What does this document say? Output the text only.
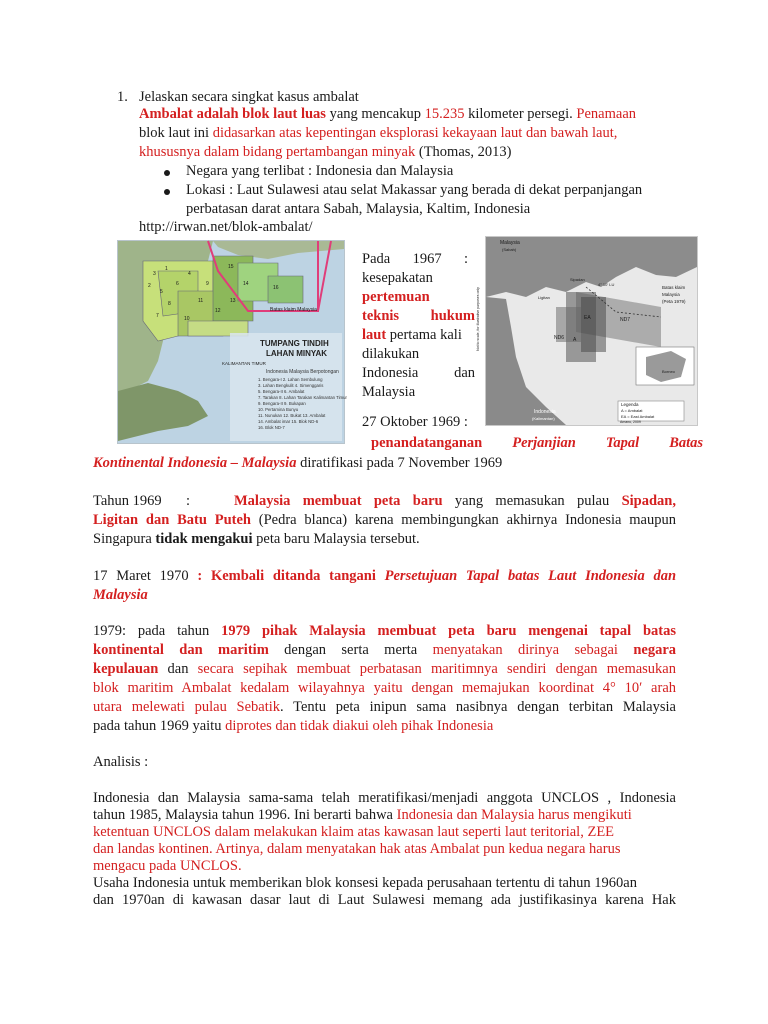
1. Jelaskan secara singkat kasus ambalat
Ambalat adalah blok laut luas yang mencakup 15.235 kilometer persegi. Penamaan
blok laut ini didasarkan atas kepentingan eksplorasi kekayaan laut dan bawah laut,
khususnya dalam bidang pertambangan minyak (Thomas, 2013)
Negara yang terlibat : Indonesia dan Malaysia
Lokasi : Laut Sulawesi atau selat Makassar yang berada di dekat perpanjangan
perbatasan darat antara Sabah, Malaysia, Kaltim, Indonesia
http://irwan.net/blok-ambalat/
Batas klaim Malaysia
TUMPANG TINDIH
LAHAN MINYAK
KALIMANTAN TIMUR
Indonesia Malaysia Berpotongan
1. Bengara-I 2. Lahan Sembulung
3. Lahan Bengkulit 4. Simenggaris
5. Bengara-II 6. Ambalat
7. Tarakan 8. Lahan Tarakan Kalimantan Timur
9. Bengara-II 9. Bukapan
10. Pertamina Bunyu
11. Nunukan 12. Bukat 13. Ambalat
14. Ambalat imar 15. Blok ND-6
16. Blok ND-7
15
16
11
12
13
10
8
6
5
3
1
2
4
7
9	14
Pada 1967 :
kesepakatan
pertemuan
teknis hukum
laut pertama kali
dilakukan
Indonesia dan
Malaysia
27 Oktober 1969 :
penandatanganan Perjanjian Tapal Batas
Kontinental Indonesia – Malaysia diratifikasi pada 7 November 1969
Malaysia
(Sabah)
Indonesia
(Kalimantan)
Batas klaim
Malaysia
(Peta 1979)
Borneo
ND7
ND6
EA
A
Sipadan
Ligitan
4° 10' LU
Legenda
A = Ambalat
EA = East Ambalat
Amanu, 2009
Not to scale, for illustrative purposes only
Tahun 1969 :	Malaysia membuat peta baru yang memasukan pulau Sipadan,
Ligitan dan Batu Puteh (Pedra blanca) karena membingungkan akhirnya Indonesia maupun
Singapura tidak mengakui peta baru Malaysia tersebut.
17 Maret 1970 : Kembali ditanda tangani Persetujuan Tapal batas Laut Indonesia dan
Malaysia
1979: pada tahun 1979 pihak Malaysia membuat peta baru mengenai tapal batas
kontinental dan maritim dengan serta merta menyatakan dirinya sebagai negara
kepulauan dan secara sepihak membuat perbatasan maritimnya sendiri dengan memasukan
blok maritim Ambalat kedalam wilayahnya yaitu dengan memajukan koordinat 4° 10′ arah
utara melewati pulau Sebatik. Tentu peta inipun sama nasibnya dengan terbitan Malaysia
pada tahun 1969 yaitu diprotes dan tidak diakui oleh pihak Indonesia
Analisis :
Indonesia dan Malaysia sama-sama telah meratifikasi/menjadi anggota UNCLOS , Indonesia
tahun 1985, Malaysia tahun 1996. Ini berarti bahwa Indonesia dan Malaysia harus mengikuti
ketentuan UNCLOS dalam melakukan klaim atas kawasan laut seperti laut teritorial, ZEE
dan landas kontinen. Artinya, dalam menyatakan hak atas Ambalat pun kedua negara harus
mengacu pada UNCLOS.
Usaha Indonesia untuk memberikan blok konsesi kepada perusahaan tertentu di tahun 1960an
dan 1970an di kawasan dasar laut di Laut Sulawesi memang ada justifikasinya karena Hak
